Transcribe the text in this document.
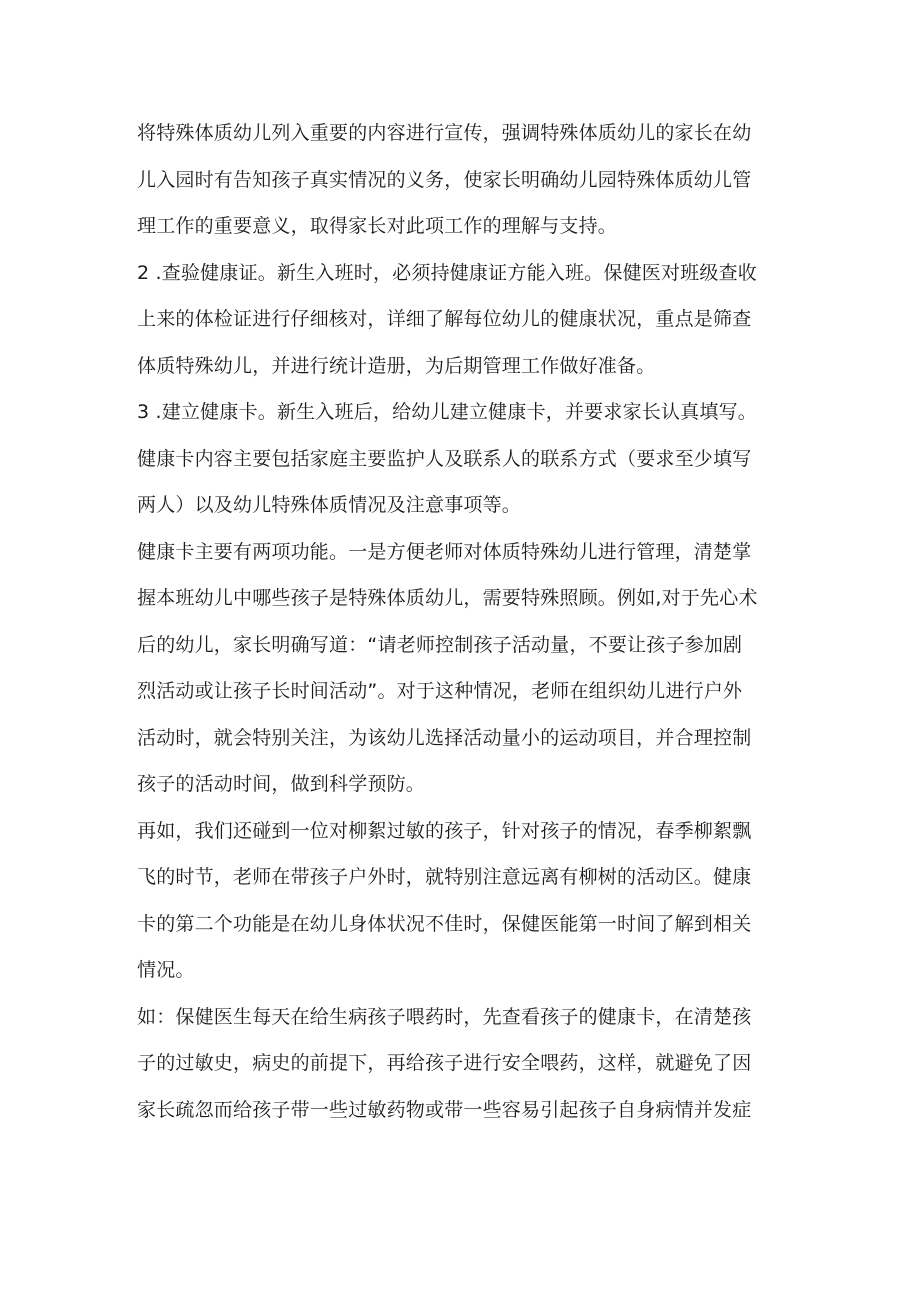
将特殊体质幼儿列入重要的内容进行宣传，强调特殊体质幼儿的家长在幼
儿入园时有告知孩子真实情况的义务，使家长明确幼儿园特殊体质幼儿管
理工作的重要意义，取得家长对此项工作的理解与支持。
2 .查验健康证。新生入班时，必须持健康证方能入班。保健医对班级查收
上来的体检证进行仔细核对，详细了解每位幼儿的健康状况，重点是筛查
体质特殊幼儿，并进行统计造册，为后期管理工作做好准备。
3 .建立健康卡。新生入班后，给幼儿建立健康卡，并要求家长认真填写。
健康卡内容主要包括家庭主要监护人及联系人的联系方式（要求至少填写
两人）以及幼儿特殊体质情况及注意事项等。
健康卡主要有两项功能。一是方便老师对体质特殊幼儿进行管理，清楚掌
握本班幼儿中哪些孩子是特殊体质幼儿，需要特殊照顾。例如,对于先心术
后的幼儿，家长明确写道：“请老师控制孩子活动量，不要让孩子参加剧
烈活动或让孩子长时间活动”。对于这种情况，老师在组织幼儿进行户外
活动时，就会特别关注，为该幼儿选择活动量小的运动项目，并合理控制
孩子的活动时间，做到科学预防。
再如，我们还碰到一位对柳絮过敏的孩子，针对孩子的情况，春季柳絮飘
飞的时节，老师在带孩子户外时，就特别注意远离有柳树的活动区。健康
卡的第二个功能是在幼儿身体状况不佳时，保健医能第一时间了解到相关
情况。
如：保健医生每天在给生病孩子喂药时，先查看孩子的健康卡，在清楚孩
子的过敏史，病史的前提下，再给孩子进行安全喂药，这样，就避免了因
家长疏忽而给孩子带一些过敏药物或带一些容易引起孩子自身病情并发症
